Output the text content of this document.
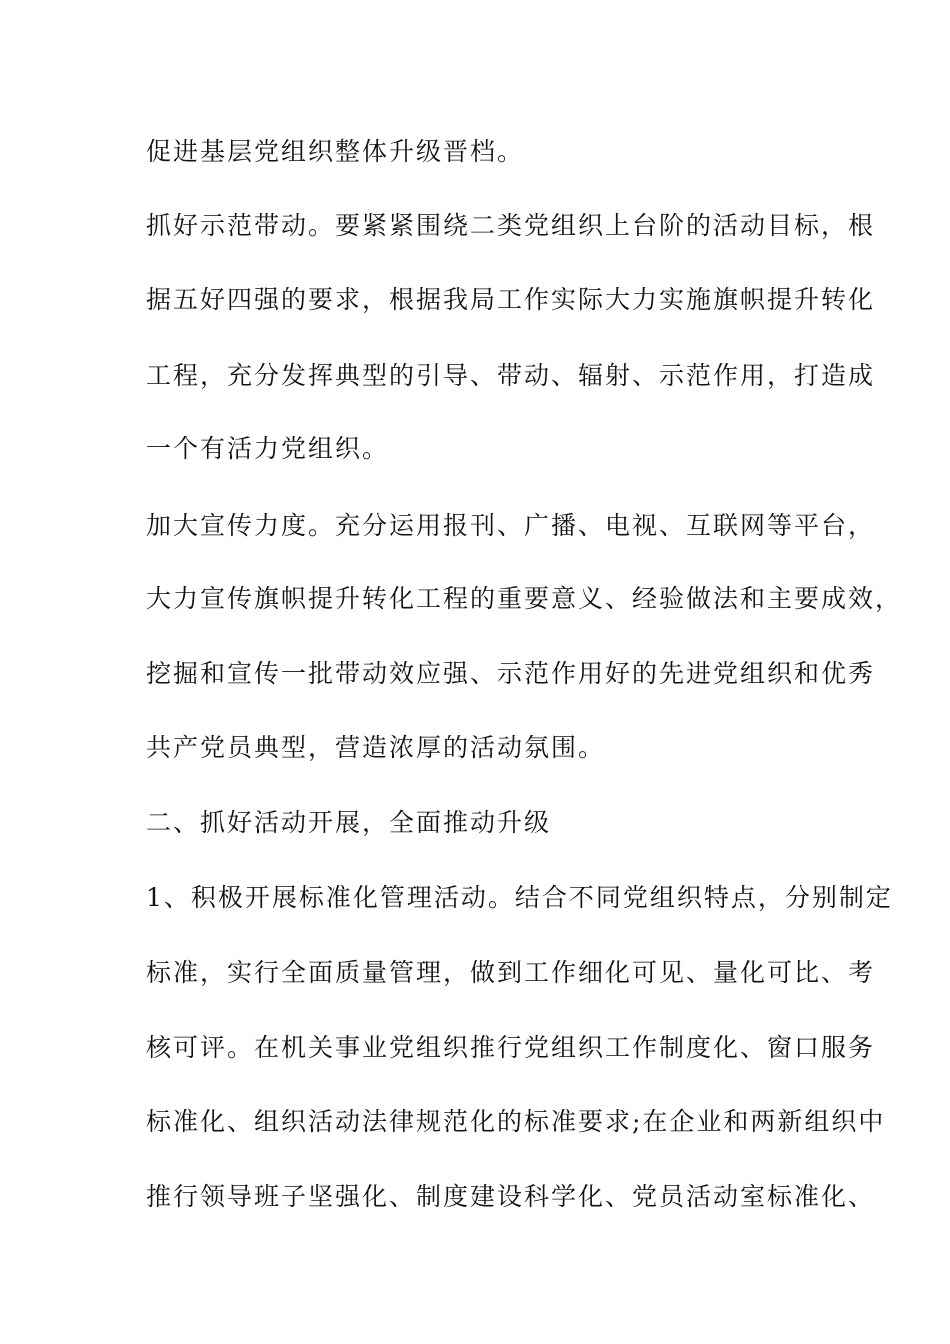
促进基层党组织整体升级晋档。
抓好示范带动。要紧紧围绕二类党组织上台阶的活动目标，根
据五好四强的要求，根据我局工作实际大力实施旗帜提升转化
工程，充分发挥典型的引导、带动、辐射、示范作用，打造成
一个有活力党组织。
加大宣传力度。充分运用报刊、广播、电视、互联网等平台，
大力宣传旗帜提升转化工程的重要意义、经验做法和主要成效，
挖掘和宣传一批带动效应强、示范作用好的先进党组织和优秀
共产党员典型，营造浓厚的活动氛围。
二、抓好活动开展，全面推动升级
1、积极开展标准化管理活动。结合不同党组织特点，分别制定
标准，实行全面质量管理，做到工作细化可见、量化可比、考
核可评。在机关事业党组织推行党组织工作制度化、窗口服务
标准化、组织活动法律规范化的标准要求;在企业和两新组织中
推行领导班子坚强化、制度建设科学化、党员活动室标准化、
